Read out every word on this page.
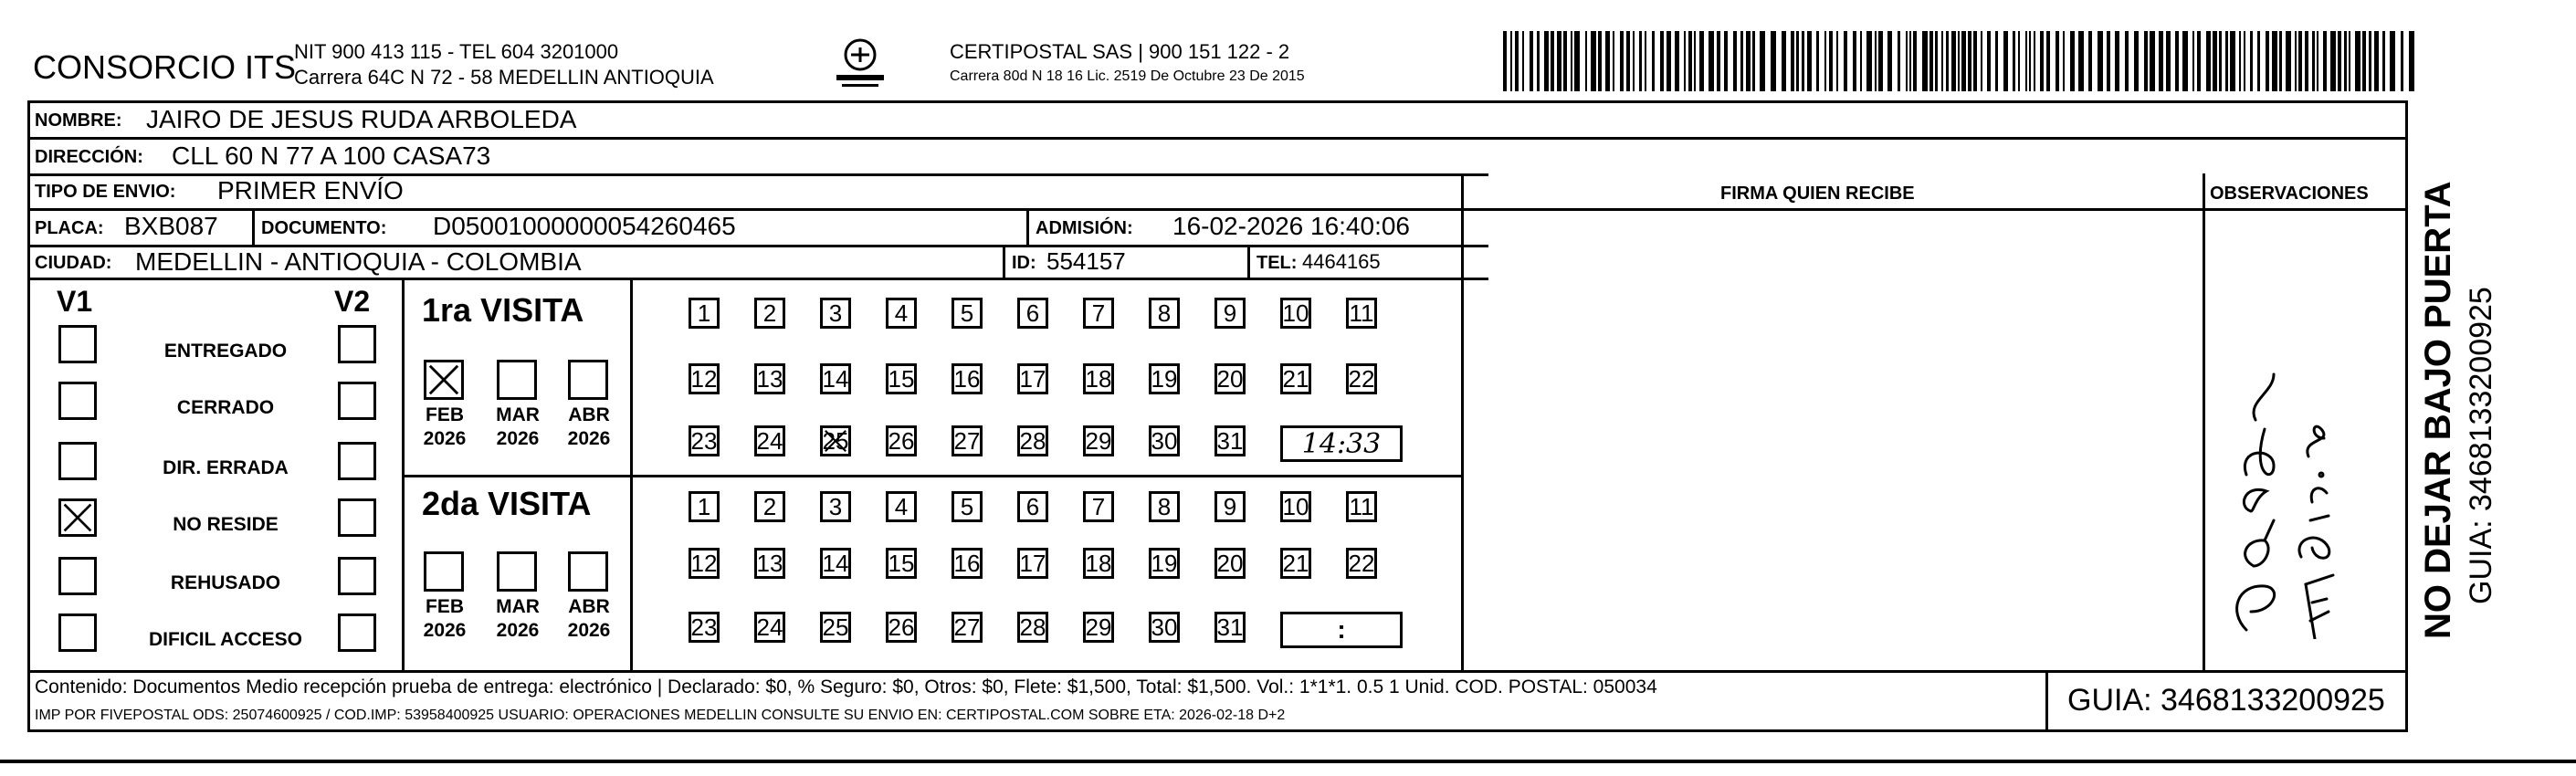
CONSORCIO ITS
NIT 900 413 115 - TEL 604 3201000
Carrera 64C N 72 - 58 MEDELLIN ANTIOQUIA
CERTIPOSTAL SAS | 900 151 122 - 2
Carrera 80d N 18 16 Lic. 2519 De Octubre 23 De 2015
NOMBRE: JAIRO DE JESUS RUDA ARBOLEDA
DIRECCIÓN: CLL 60 N 77 A 100 CASA73
TIPO DE ENVIO: PRIMER ENVÍO	FIRMA QUIEN RECIBE	OBSERVACIONES
PLACA: BXB087 DOCUMENTO: D05001000000054260465	ADMISIÓN: 16-02-2026 16:40:06
CIUDAD: MEDELLIN - ANTIOQUIA - COLOMBIA	ID: 554157	TEL: 4464165
V1	V2
ENTREGADO
CERRADO
DIR. ERRADA
NO RESIDE
REHUSADO
DIFICIL ACCESO
1ra VISITA
FEB
2026
MAR
2026
ABR
2026
1 2 3 4 5 6 7 8 9 10 11
12 13 14 15 16 17 18 19 20 21 22
23 24 25 26 27 28 29 30 31	14:33
2da VISITA
FEB
2026
MAR
2026
ABR
2026
1 2 3 4 5 6 7 8 9 10 11
12 13 14 15 16 17 18 19 20 21 22
23 24 25 26 27 28 29 30 31	:
Contenido: Documentos Medio recepción prueba de entrega: electrónico | Declarado: $0, % Seguro: $0, Otros: $0, Flete: $1,500, Total: $1,500. Vol.: 1*1*1. 0.5 1 Unid. COD. POSTAL: 050034
IMP POR FIVEPOSTAL ODS: 25074600925 / COD.IMP: 53958400925 USUARIO: OPERACIONES MEDELLIN CONSULTE SU ENVIO EN: CERTIPOSTAL.COM SOBRE ETA: 2026-02-18 D+2	GUIA: 3468133200925
NO DEJAR BAJO PUERTA GUIA: 3468133200925
